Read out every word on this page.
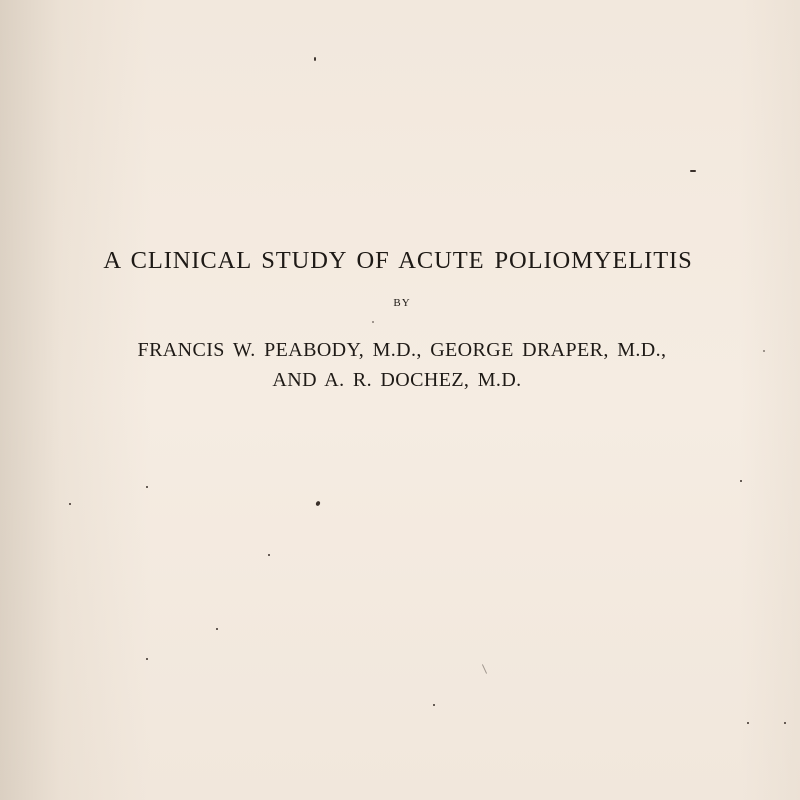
A CLINICAL STUDY OF ACUTE POLIOMYELITIS
BY
FRANCIS W. PEABODY, M.D., GEORGE DRAPER, M.D.,
AND A. R. DOCHEZ, M.D.
